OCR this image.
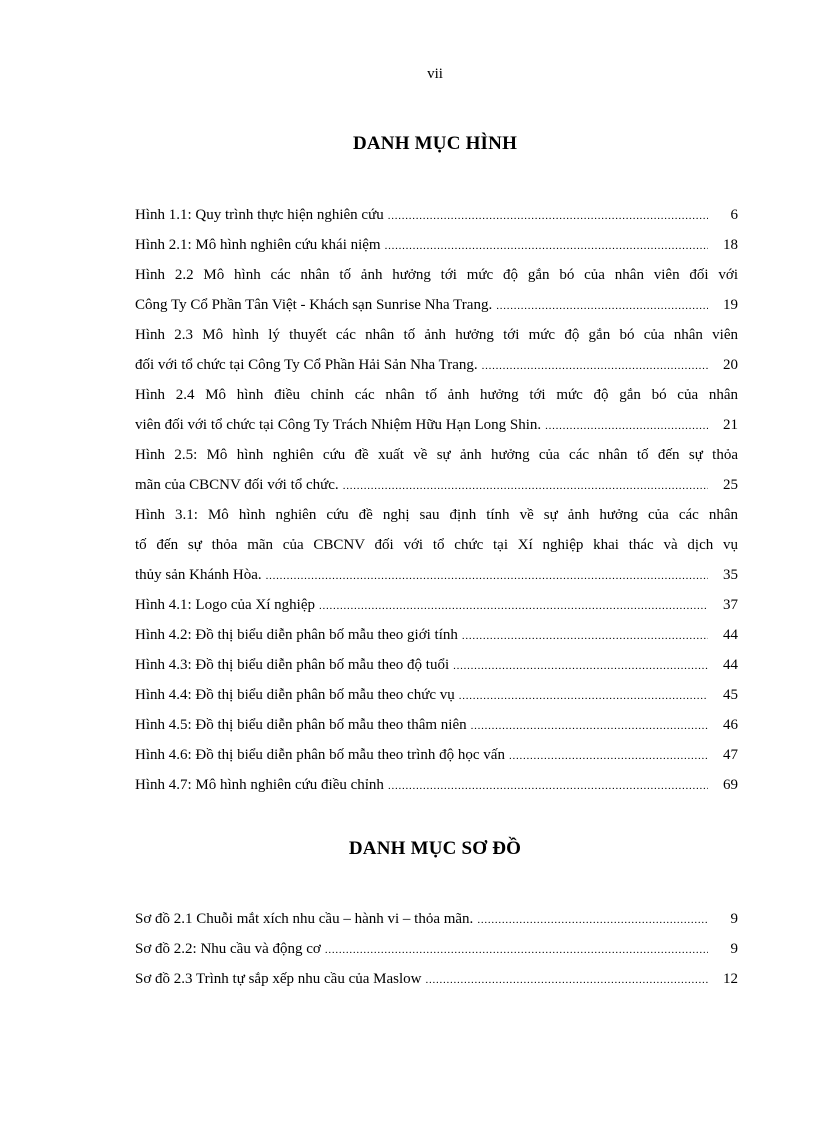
vii
DANH MỤC HÌNH
Hình 1.1: Quy trình thực hiện nghiên cứu . . .	6
Hình 2.1: Mô hình nghiên cứu khái niệm . . .	18
Hình 2.2 Mô hình các nhân tố ảnh hưởng tới mức độ gắn bó của nhân viên đối với
Công Ty Cổ Phần Tân Việt - Khách sạn Sunrise Nha Trang. . . .	19
Hình 2.3 Mô hình lý thuyết các nhân tố ảnh hưởng tới mức độ gắn bó của nhân viên
đối với tổ chức tại Công Ty Cổ Phần Hải Sản Nha Trang. . . .	20
Hình 2.4 Mô hình điều chỉnh các nhân tố ảnh hưởng tới mức độ gắn bó của nhân
viên đối với tổ chức tại Công Ty Trách Nhiệm Hữu Hạn Long Shin. . . .	21
Hình 2.5: Mô hình nghiên cứu đề xuất về sự ảnh hưởng của các nhân tố đến sự thỏa
mãn của CBCNV đối với tổ chức. . . .	25
Hình 3.1: Mô hình nghiên cứu đề nghị sau định tính về sự ảnh hưởng của các nhân
tố đến sự thỏa mãn của CBCNV đối với tổ chức tại Xí nghiệp khai thác và dịch vụ
thủy sản Khánh Hòa. . . .	35
Hình 4.1: Logo của Xí nghiệp . . .	37
Hình 4.2: Đồ thị biểu diễn phân bố mẫu theo giới tính . . .	44
Hình 4.3: Đồ thị biểu diễn phân bố mẫu theo độ tuổi . . .	44
Hình 4.4: Đồ thị biểu diễn phân bố mẫu theo chức vụ . . .	45
Hình 4.5: Đồ thị biểu diễn phân bố mẫu theo thâm niên . . .	46
Hình 4.6: Đồ thị biểu diễn phân bố mẫu theo trình độ học vấn . . .	47
Hình 4.7: Mô hình nghiên cứu điều chỉnh . . .	69
DANH MỤC SƠ ĐỒ
Sơ đồ 2.1 Chuỗi mắt xích nhu cầu – hành vi – thỏa mãn. . . .	9
Sơ đồ 2.2: Nhu cầu và động cơ . . .	9
Sơ đồ 2.3 Trình tự sắp xếp nhu cầu của Maslow . . .	12
